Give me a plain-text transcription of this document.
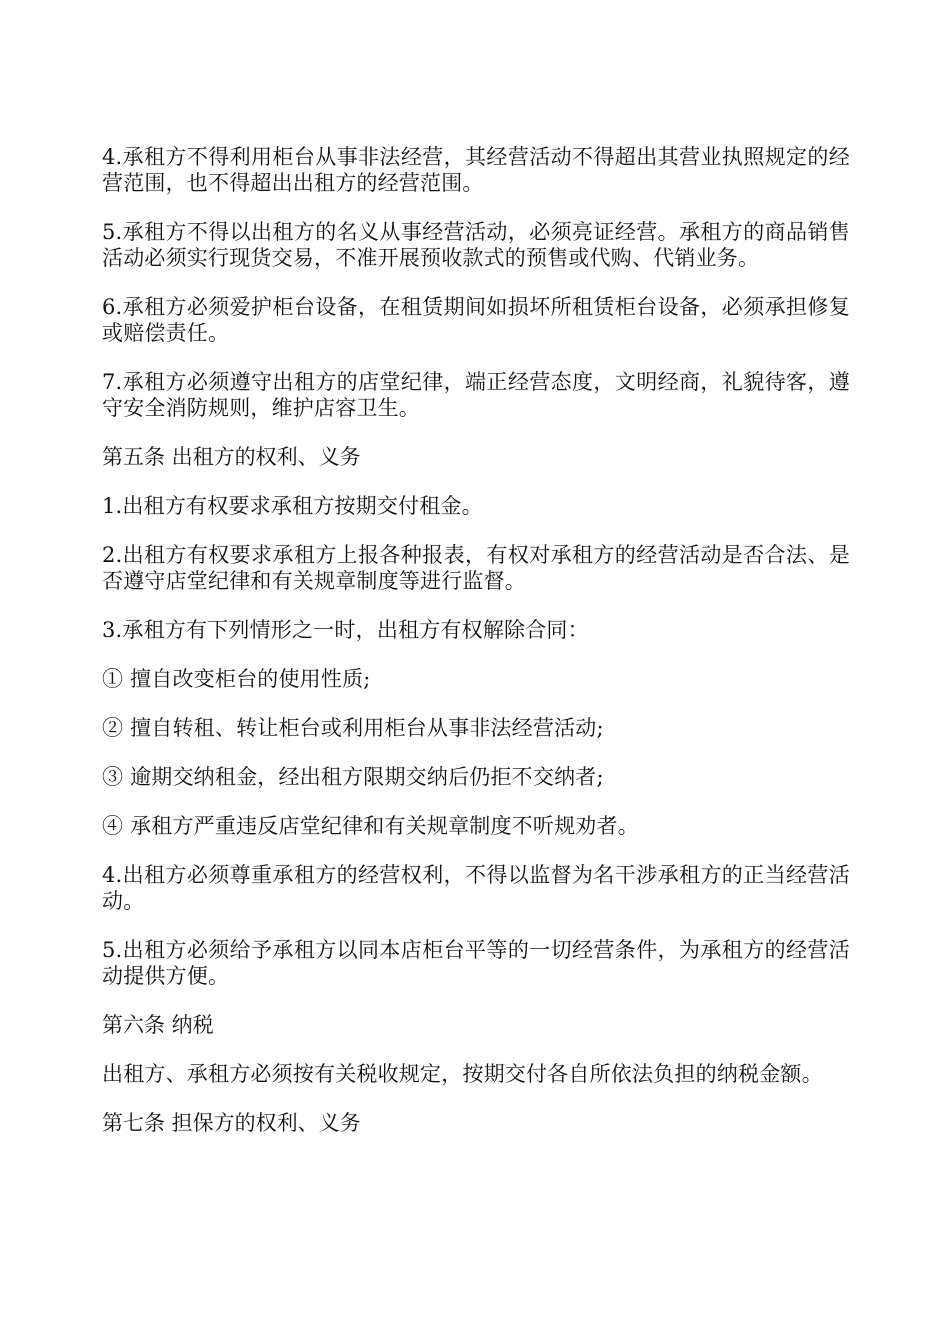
4.承租方不得利用柜台从事非法经营，其经营活动不得超出其营业执照规定的经营范围，也不得超出出租方的经营范围。

5.承租方不得以出租方的名义从事经营活动，必须亮证经营。承租方的商品销售活动必须实行现货交易，不准开展预收款式的预售或代购、代销业务。

6.承租方必须爱护柜台设备，在租赁期间如损坏所租赁柜台设备，必须承担修复或赔偿责任。

7.承租方必须遵守出租方的店堂纪律，端正经营态度，文明经商，礼貌待客，遵守安全消防规则，维护店容卫生。

第五条 出租方的权利、义务

1.出租方有权要求承租方按期交付租金。

2.出租方有权要求承租方上报各种报表，有权对承租方的经营活动是否合法、是否遵守店堂纪律和有关规章制度等进行监督。

3.承租方有下列情形之一时，出租方有权解除合同：

① 擅自改变柜台的使用性质;

② 擅自转租、转让柜台或利用柜台从事非法经营活动;

③ 逾期交纳租金，经出租方限期交纳后仍拒不交纳者;

④ 承租方严重违反店堂纪律和有关规章制度不听规劝者。

4.出租方必须尊重承租方的经营权利，不得以监督为名干涉承租方的正当经营活动。

5.出租方必须给予承租方以同本店柜台平等的一切经营条件，为承租方的经营活动提供方便。

第六条 纳税

出租方、承租方必须按有关税收规定，按期交付各自所依法负担的纳税金额。

第七条 担保方的权利、义务
